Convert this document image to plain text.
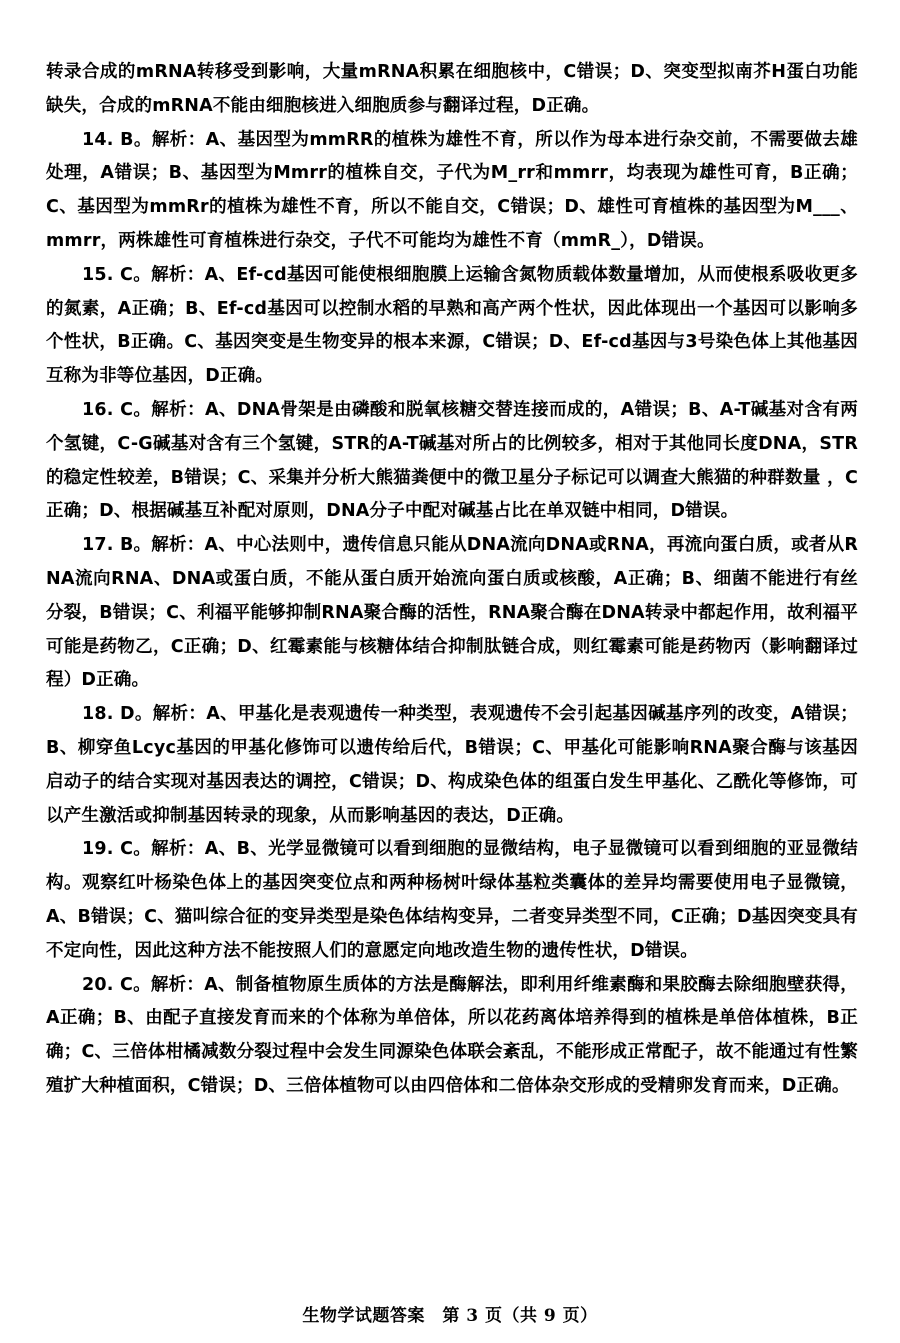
转录合成的mRNA转移受到影响，大量mRNA积累在细胞核中，C错误；D、突变型拟南芥H蛋白功能缺失，合成的mRNA不能由细胞核进入细胞质参与翻译过程，D正确。

14. B。解析：A、基因型为mmRR的植株为雄性不育，所以作为母本进行杂交前，不需要做去雄处理，A错误；B、基因型为Mmrr的植株自交，子代为M_rr和mmrr，均表现为雄性可育，B正确；C、基因型为mmRr的植株为雄性不育，所以不能自交，C错误；D、雄性可育植株的基因型为M___、mmrr，两株雄性可育植株进行杂交，子代不可能均为雄性不育（mmR_），D错误。

15. C。解析：A、Ef-cd基因可能使根细胞膜上运输含氮物质载体数量增加，从而使根系吸收更多的氮素，A正确；B、Ef-cd基因可以控制水稻的早熟和高产两个性状，因此体现出一个基因可以影响多个性状，B正确。C、基因突变是生物变异的根本来源，C错误；D、Ef-cd基因与3号染色体上其他基因互称为非等位基因，D正确。

16. C。解析：A、DNA骨架是由磷酸和脱氧核糖交替连接而成的，A错误；B、A-T碱基对含有两个氢键，C-G碱基对含有三个氢键，STR的A-T碱基对所占的比例较多，相对于其他同长度DNA，STR的稳定性较差，B错误；C、采集并分析大熊猫粪便中的微卫星分子标记可以调查大熊猫的种群数量 ，C正确；D、根据碱基互补配对原则，DNA分子中配对碱基占比在单双链中相同，D错误。

17. B。解析：A、中心法则中，遗传信息只能从DNA流向DNA或RNA，再流向蛋白质，或者从RNA流向RNA、DNA或蛋白质，不能从蛋白质开始流向蛋白质或核酸，A正确；B、细菌不能进行有丝分裂，B错误；C、利福平能够抑制RNA聚合酶的活性，RNA聚合酶在DNA转录中都起作用，故利福平可能是药物乙，C正确；D、红霉素能与核糖体结合抑制肽链合成，则红霉素可能是药物丙（影响翻译过程）D正确。

18. D。解析：A、甲基化是表观遗传一种类型，表观遗传不会引起基因碱基序列的改变，A错误；B、柳穿鱼Lcyc基因的甲基化修饰可以遗传给后代，B错误；C、甲基化可能影响RNA聚合酶与该基因启动子的结合实现对基因表达的调控，C错误；D、构成染色体的组蛋白发生甲基化、乙酰化等修饰，可以产生激活或抑制基因转录的现象，从而影响基因的表达，D正确。

19. C。解析：A、B、光学显微镜可以看到细胞的显微结构，电子显微镜可以看到细胞的亚显微结构。观察红叶杨染色体上的基因突变位点和两种杨树叶绿体基粒类囊体的差异均需要使用电子显微镜，A、B错误；C、猫叫综合征的变异类型是染色体结构变异，二者变异类型不同，C正确；D基因突变具有不定向性，因此这种方法不能按照人们的意愿定向地改造生物的遗传性状，D错误。

20. C。解析：A、制备植物原生质体的方法是酶解法，即利用纤维素酶和果胶酶去除细胞壁获得， A正确；B、由配子直接发育而来的个体称为单倍体，所以花药离体培养得到的植株是单倍体植株，B正确；C、三倍体柑橘减数分裂过程中会发生同源染色体联会紊乱，不能形成正常配子，故不能通过有性繁殖扩大种植面积，C错误；D、三倍体植物可以由四倍体和二倍体杂交形成的受精卵发育而来，D正确。

生物学试题答案　第 3 页（共 9 页）
